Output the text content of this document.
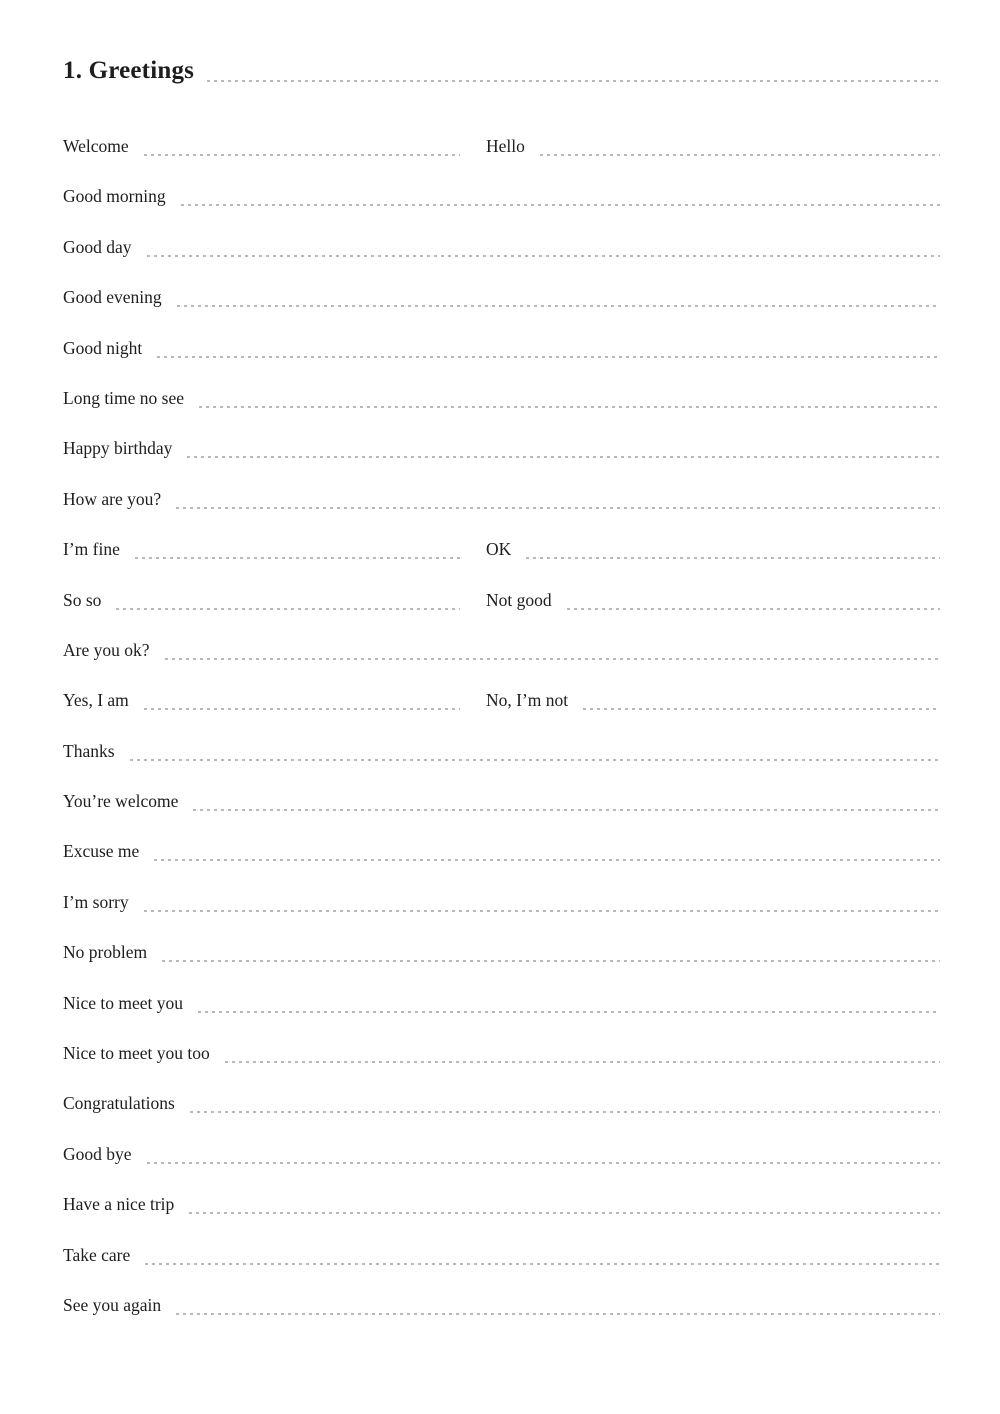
1. Greetings
Welcome	Hello
Good morning
Good day
Good evening
Good night
Long time no see
Happy birthday
How are you?
I’m fine	OK
So so	Not good
Are you ok?
Yes, I am	No, I’m not
Thanks
You’re welcome
Excuse me
I’m sorry
No problem
Nice to meet you
Nice to meet you too
Congratulations
Good bye
Have a nice trip
Take care
See you again
